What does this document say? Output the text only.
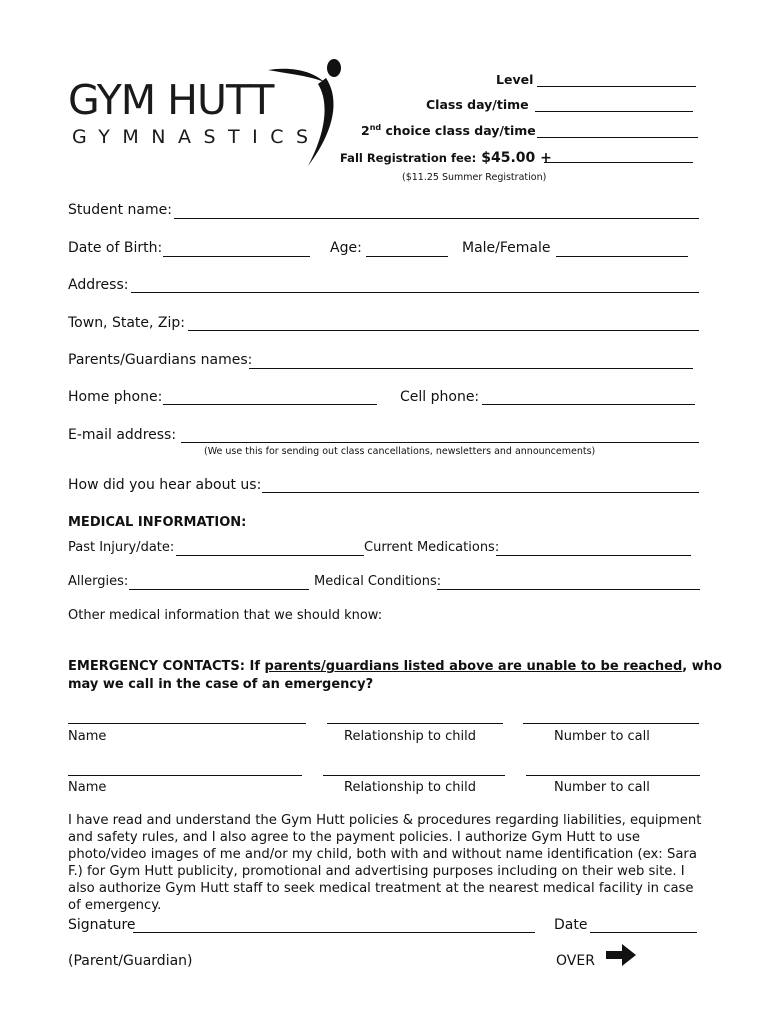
GYM HUTT
GYMNASTICS
Level
Class day/time
2nd choice class day/time
Fall Registration fee: $45.00 +
($11.25 Summer Registration)
Student name:
Date of Birth:	Age:	Male/Female
Address:
Town, State, Zip:
Parents/Guardians names:
Home phone:	Cell phone:
E-mail address:
(We use this for sending out class cancellations, newsletters and announcements)
How did you hear about us:
MEDICAL INFORMATION:
Past Injury/date:	Current Medications:
Allergies:	Medical Conditions:
Other medical information that we should know:
EMERGENCY CONTACTS: If parents/guardians listed above are unable to be reached, who
may we call in the case of an emergency?
Name	Relationship to child	Number to call
Name	Relationship to child	Number to call
I have read and understand the Gym Hutt policies & procedures regarding liabilities, equipment and safety rules, and I also agree to the payment policies. I authorize Gym Hutt to use photo/video images of me and/or my child, both with and without name identification (ex: Sara F.) for Gym Hutt publicity, promotional and advertising purposes including on their web site. I also authorize Gym Hutt staff to seek medical treatment at the nearest medical facility in case of emergency.
Signature	Date
(Parent/Guardian)	OVER
